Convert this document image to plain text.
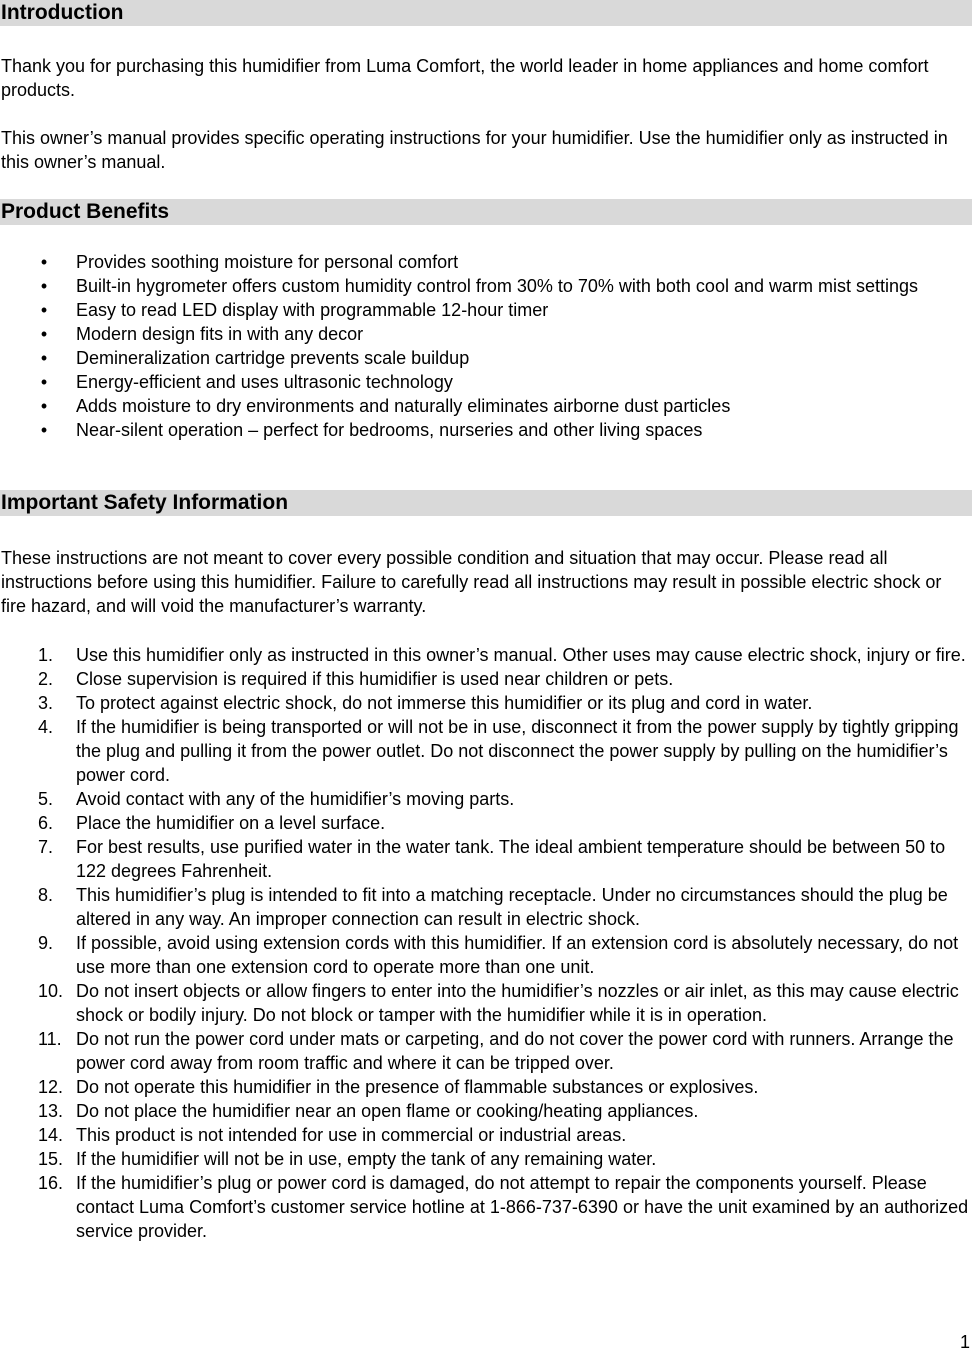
Introduction

Thank you for purchasing this humidifier from Luma Comfort, the world leader in home appliances and home comfort products.

This owner’s manual provides specific operating instructions for your humidifier. Use the humidifier only as instructed in this owner’s manual.

Product Benefits
•	Provides soothing moisture for personal comfort
•	Built-in hygrometer offers custom humidity control from 30% to 70% with both cool and warm mist settings
•	Easy to read LED display with programmable 12-hour timer
•	Modern design fits in with any decor
•	Demineralization cartridge prevents scale buildup
•	Energy-efficient and uses ultrasonic technology
•	Adds moisture to dry environments and naturally eliminates airborne dust particles
•	Near-silent operation – perfect for bedrooms, nurseries and other living spaces
Important Safety Information

These instructions are not meant to cover every possible condition and situation that may occur. Please read all instructions before using this humidifier. Failure to carefully read all instructions may result in possible electric shock or fire hazard, and will void the manufacturer’s warranty.

1.	Use this humidifier only as instructed in this owner’s manual. Other uses may cause electric shock, injury or fire.
2.	Close supervision is required if this humidifier is used near children or pets.
3.	To protect against electric shock, do not immerse this humidifier or its plug and cord in water.
4.	If the humidifier is being transported or will not be in use, disconnect it from the power supply by tightly gripping the plug and pulling it from the power outlet. Do not disconnect the power supply by pulling on the humidifier’s power cord.
5.	Avoid contact with any of the humidifier’s moving parts.
6.	Place the humidifier on a level surface.
7.	For best results, use purified water in the water tank. The ideal ambient temperature should be between 50 to 122 degrees Fahrenheit.
8.	This humidifier’s plug is intended to fit into a matching receptacle. Under no circumstances should the plug be altered in any way. An improper connection can result in electric shock.
9.	If possible, avoid using extension cords with this humidifier. If an extension cord is absolutely necessary, do not use more than one extension cord to operate more than one unit.
10. Do not insert objects or allow fingers to enter into the humidifier’s nozzles or air inlet, as this may cause electric shock or bodily injury. Do not block or tamper with the humidifier while it is in operation.
11. Do not run the power cord under mats or carpeting, and do not cover the power cord with runners. Arrange the power cord away from room traffic and where it can be tripped over.
12. Do not operate this humidifier in the presence of flammable substances or explosives.
13. Do not place the humidifier near an open flame or cooking/heating appliances.
14. This product is not intended for use in commercial or industrial areas.
15. If the humidifier will not be in use, empty the tank of any remaining water.
16. If the humidifier’s plug or power cord is damaged, do not attempt to repair the components yourself. Please contact Luma Comfort’s customer service hotline at 1-866-737-6390 or have the unit examined by an authorized service provider.
1
